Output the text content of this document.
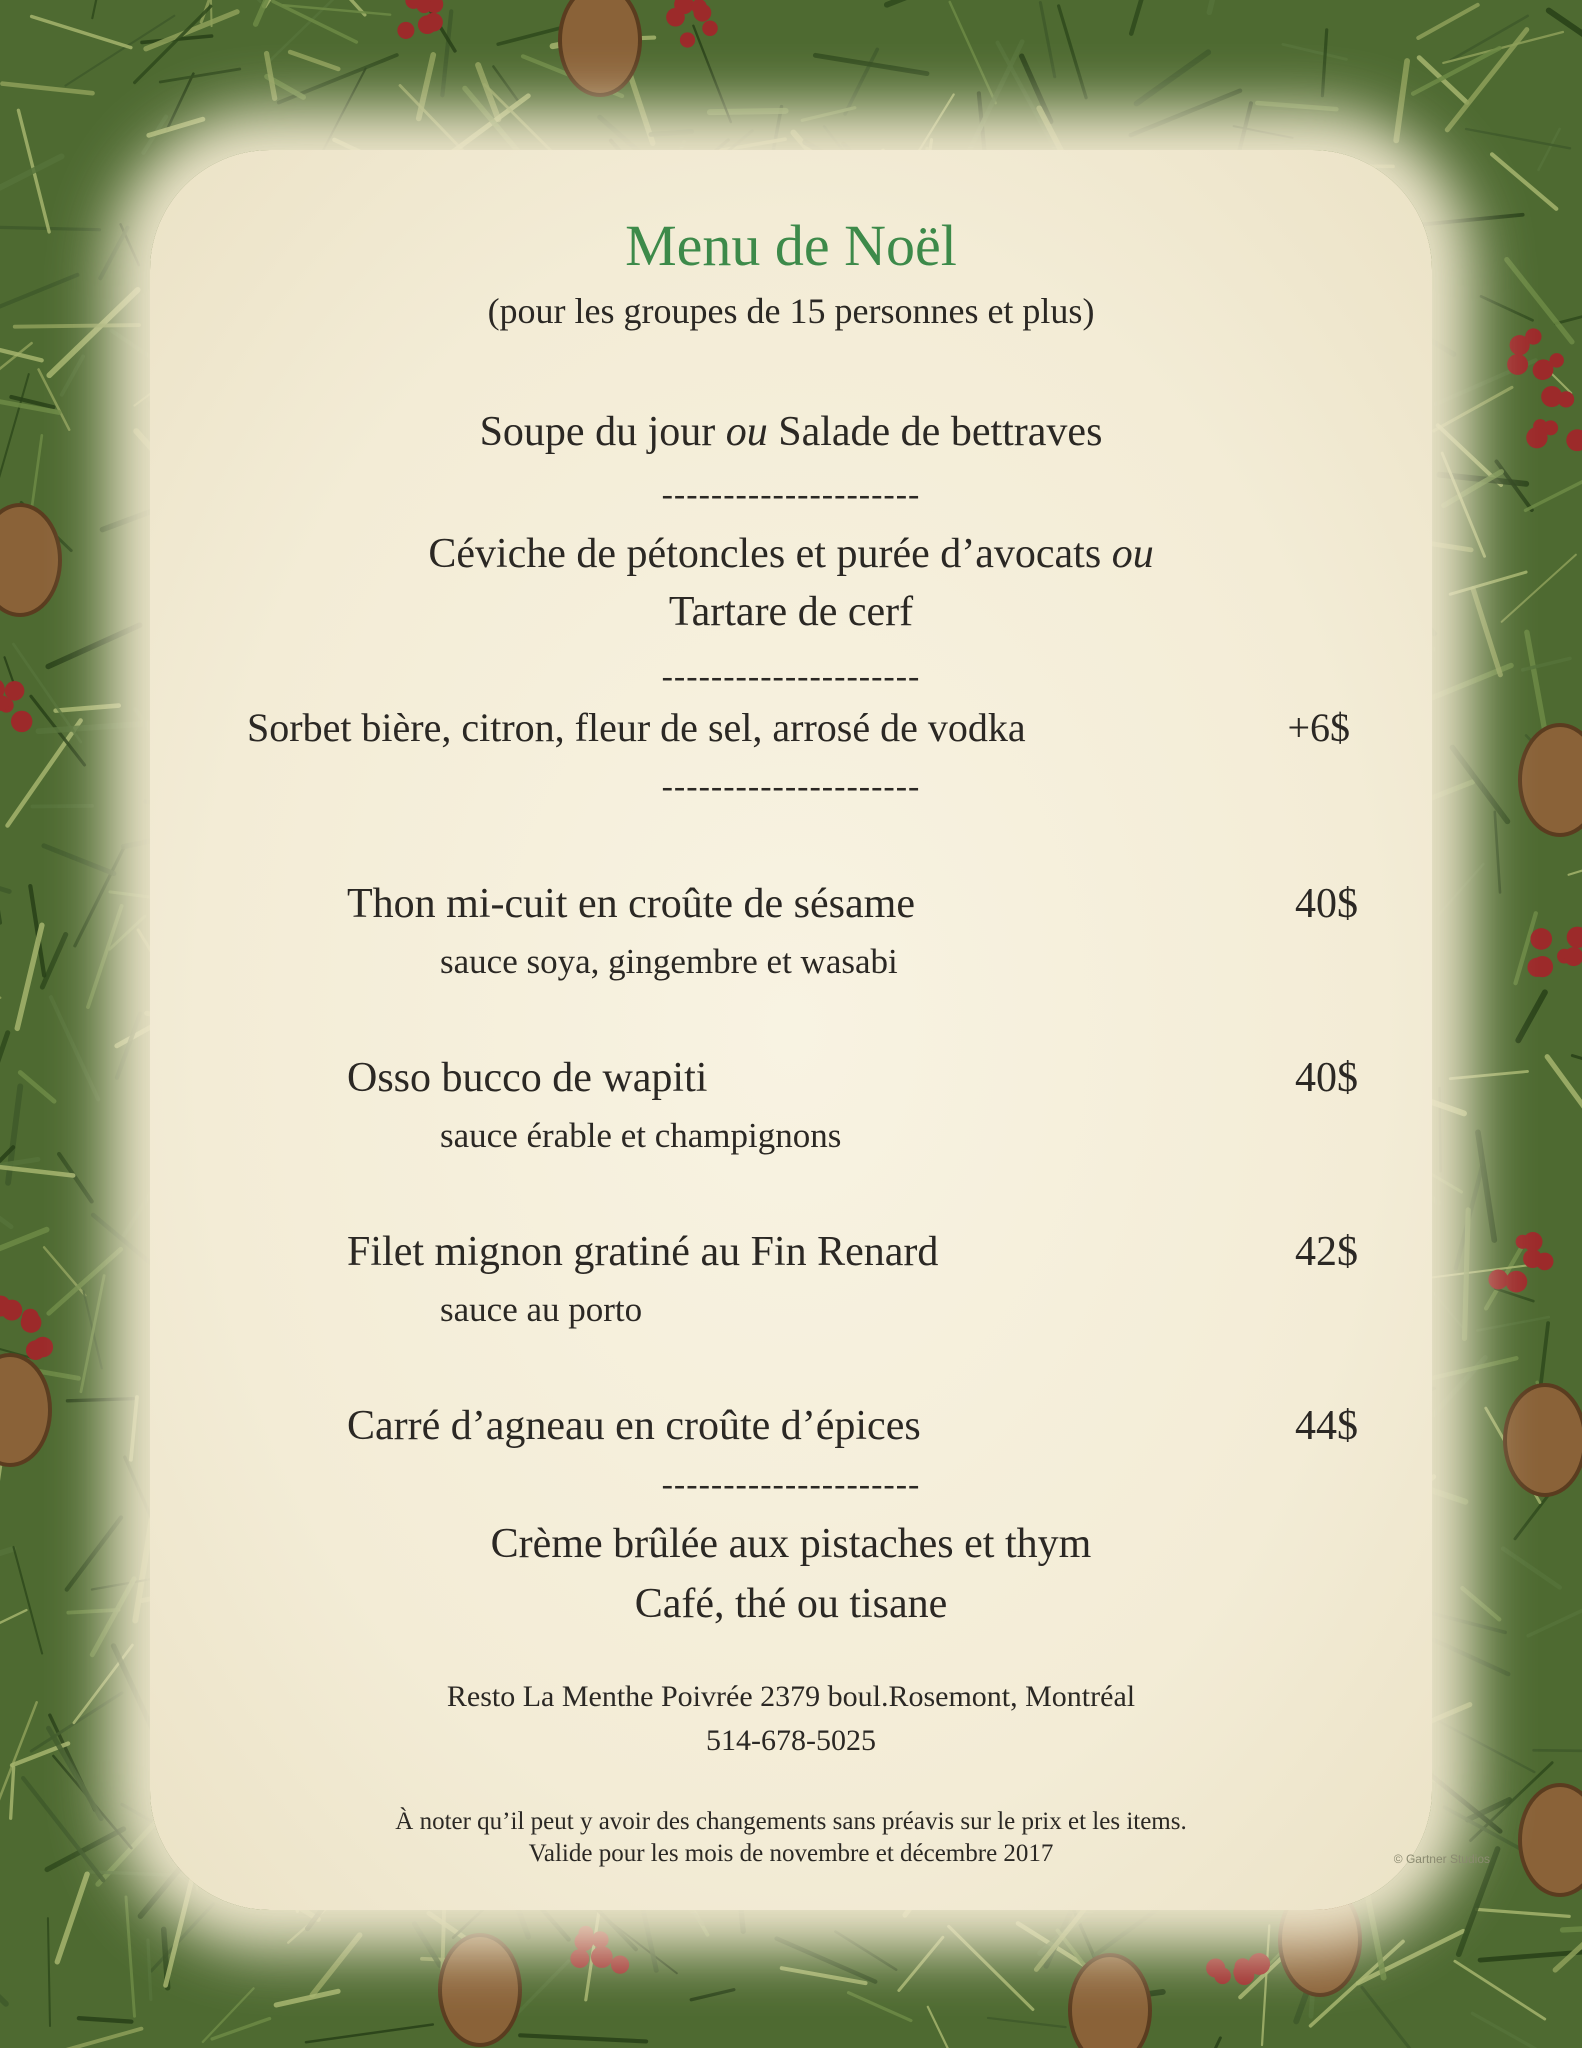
Menu de Noël
(pour les groupes de 15 personnes et plus)
Soupe du jour ou Salade de bettraves
---------------------
Céviche de pétoncles et purée d’avocats ou
Tartare de cerf
---------------------
Sorbet bière, citron, fleur de sel, arrosé de vodka	+6$
---------------------
Thon mi-cuit en croûte de sésame	40$
sauce soya, gingembre et wasabi
Osso bucco de wapiti	40$
sauce érable et champignons
Filet mignon gratiné au Fin Renard	42$
sauce au porto
Carré d’agneau en croûte d’épices	44$
---------------------
Crème brûlée aux pistaches et thym
Café, thé ou tisane
Resto La Menthe Poivrée 2379 boul.Rosemont, Montréal
514-678-5025
À noter qu’il peut y avoir des changements sans préavis sur le prix et les items.
Valide pour les mois de novembre et décembre 2017	© Gartner Studios
